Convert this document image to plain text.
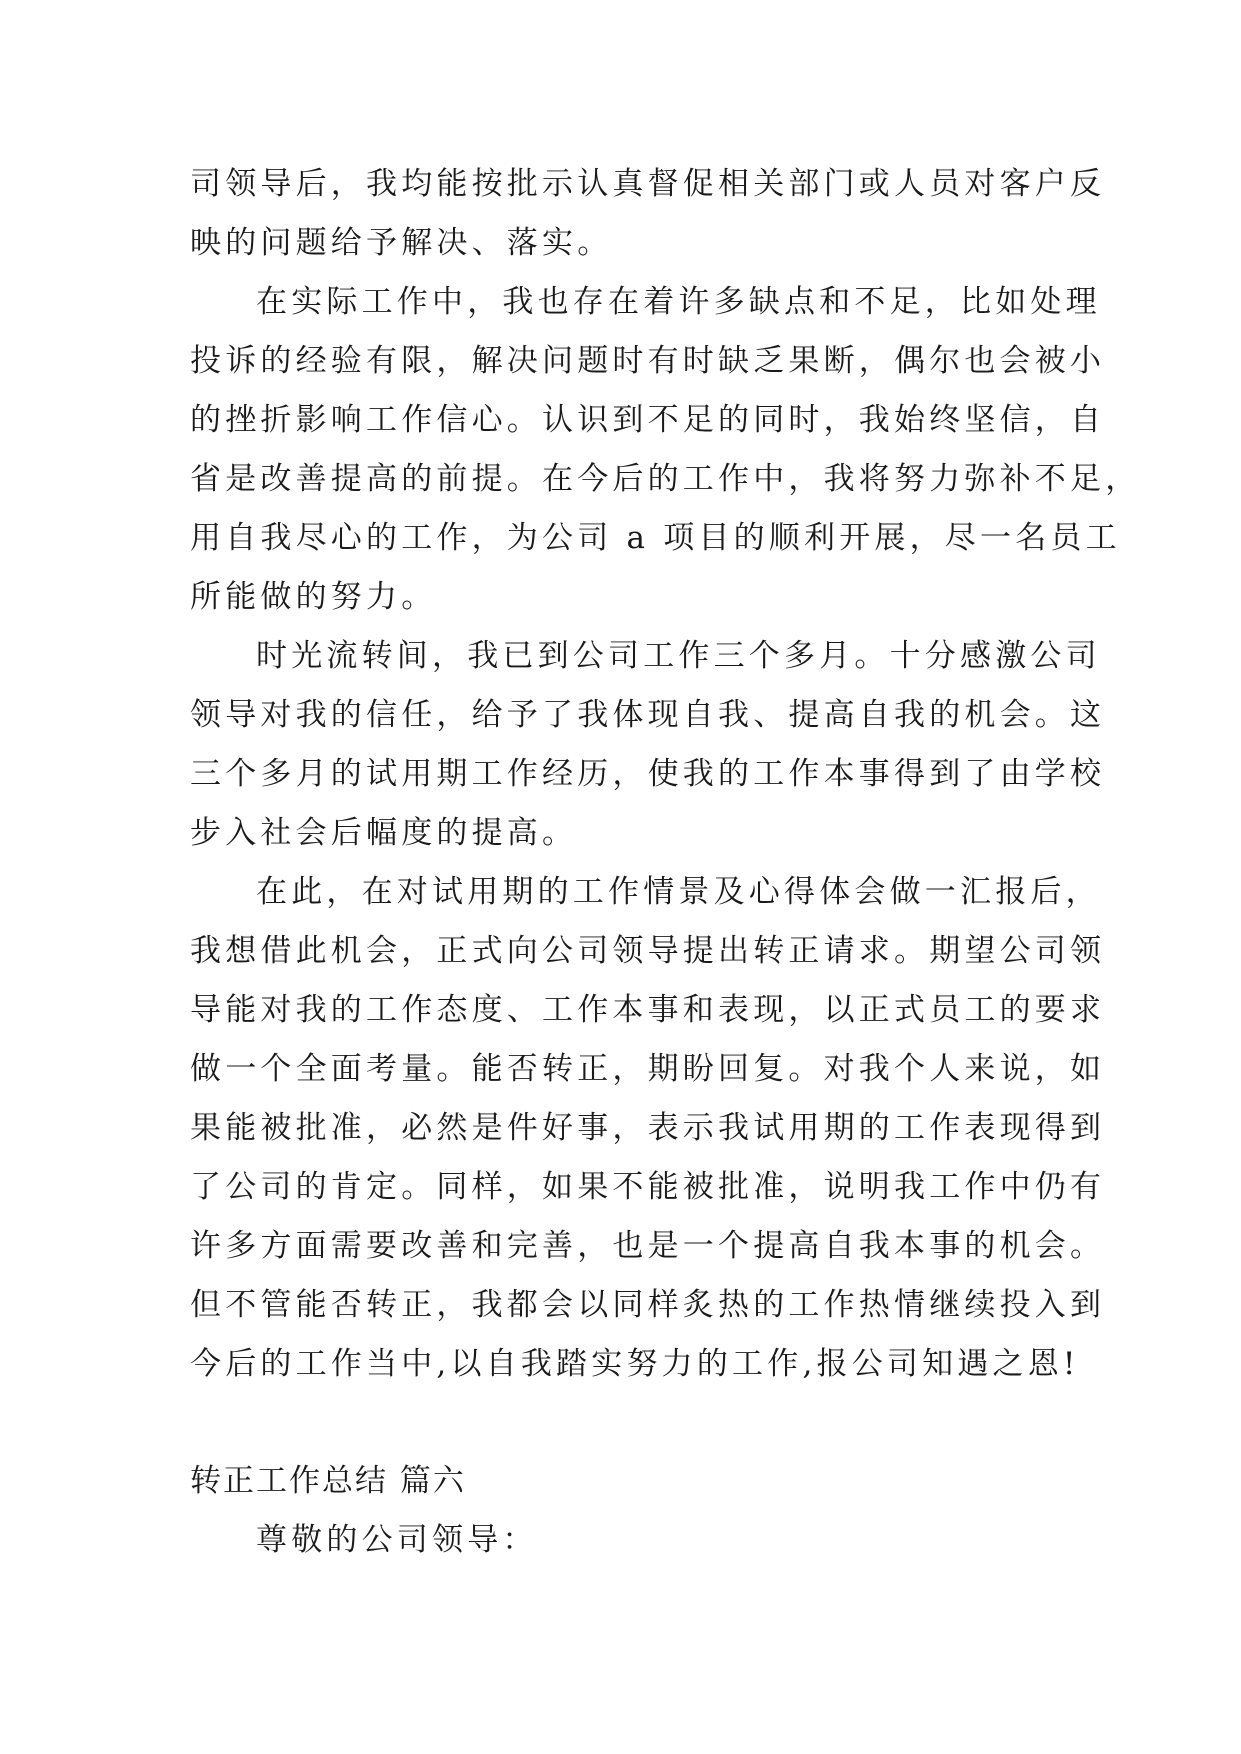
司领导后，我均能按批示认真督促相关部门或人员对客户反
映的问题给予解决、落实。
在实际工作中，我也存在着许多缺点和不足，比如处理
投诉的经验有限，解决问题时有时缺乏果断，偶尔也会被小
的挫折影响工作信心。认识到不足的同时，我始终坚信，自
省是改善提高的前提。在今后的工作中，我将努力弥补不足，
用自我尽心的工作，为公司 a 项目的顺利开展，尽一名员工
所能做的努力。
时光流转间，我已到公司工作三个多月。十分感激公司
领导对我的信任，给予了我体现自我、提高自我的机会。这
三个多月的试用期工作经历，使我的工作本事得到了由学校
步入社会后幅度的提高。
在此，在对试用期的工作情景及心得体会做一汇报后，
我想借此机会，正式向公司领导提出转正请求。期望公司领
导能对我的工作态度、工作本事和表现，以正式员工的要求
做一个全面考量。能否转正，期盼回复。对我个人来说，如
果能被批准，必然是件好事，表示我试用期的工作表现得到
了公司的肯定。同样，如果不能被批准，说明我工作中仍有
许多方面需要改善和完善，也是一个提高自我本事的机会。
但不管能否转正，我都会以同样炙热的工作热情继续投入到
今后的工作当中,以自我踏实努力的工作,报公司知遇之恩!
转正工作总结 篇六
尊敬的公司领导：
